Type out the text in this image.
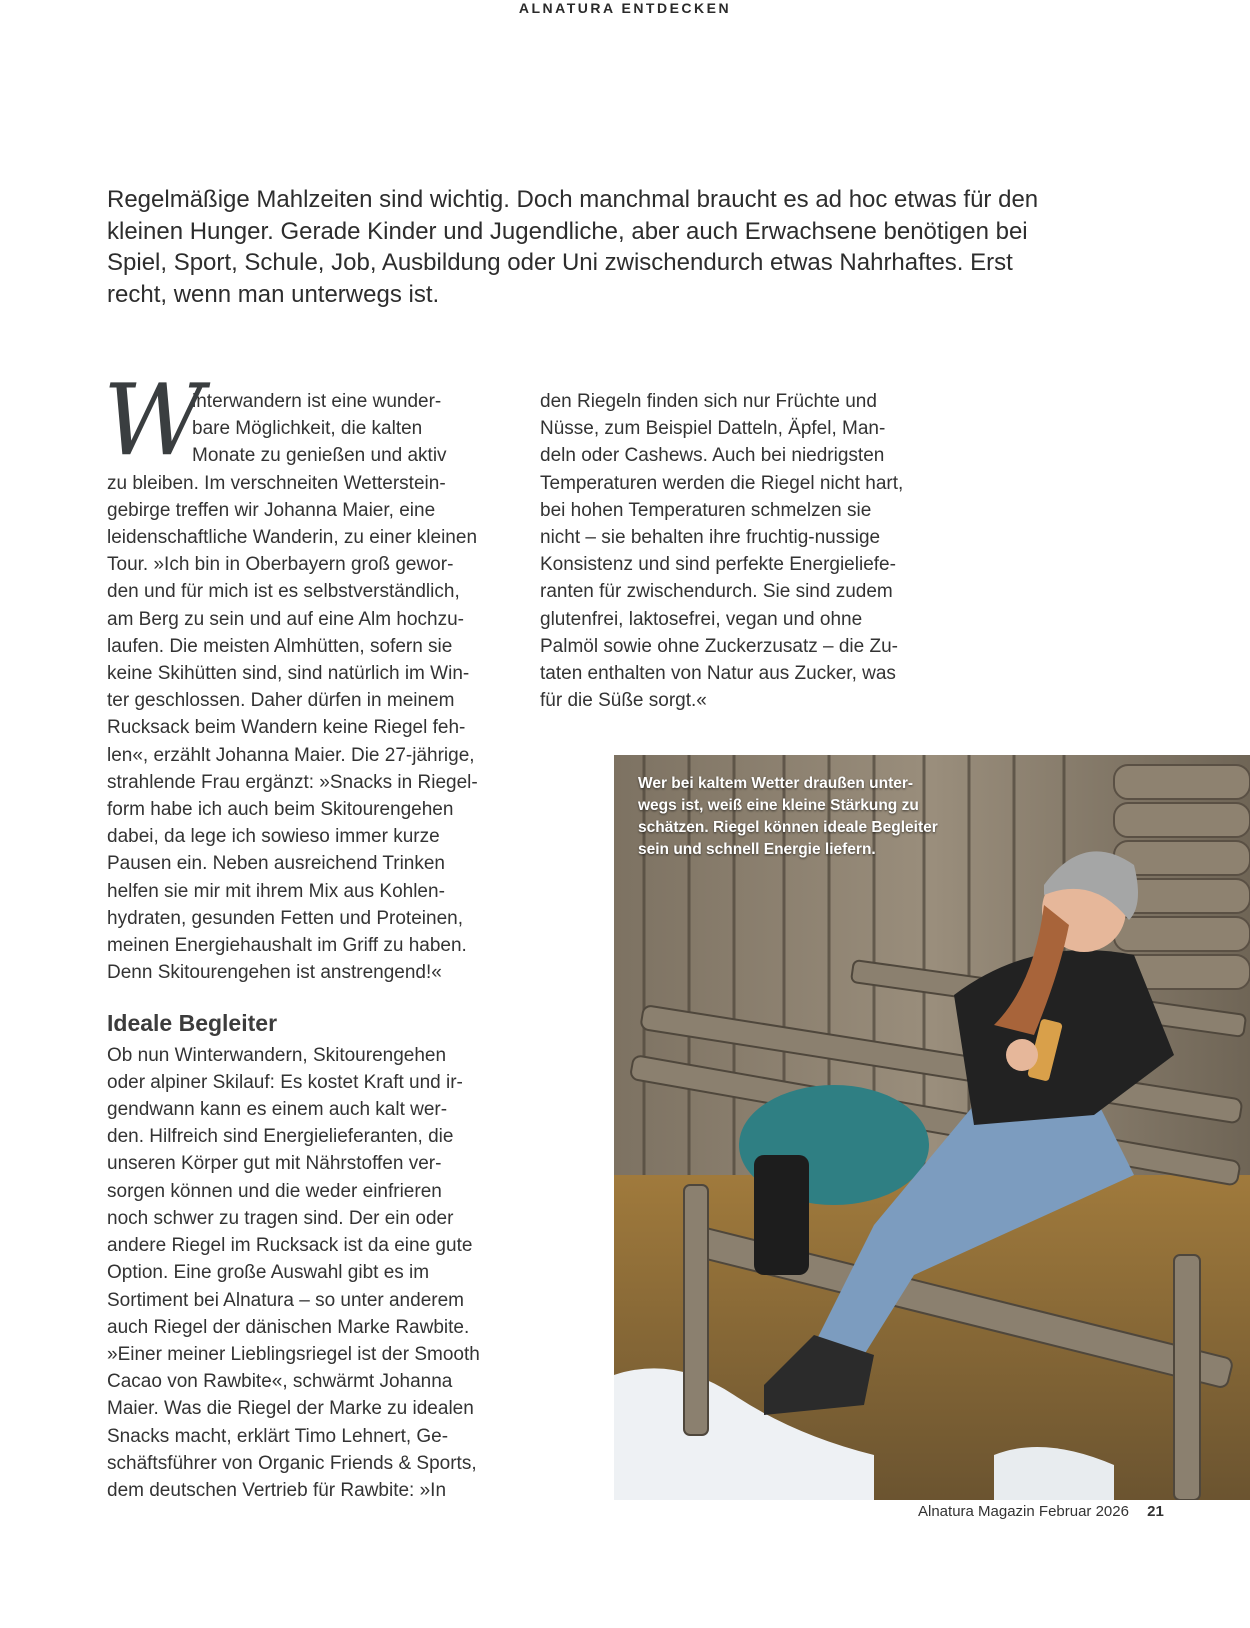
ALNATURA ENTDECKEN

Regelmäßige Mahlzeiten sind wichtig. Doch manchmal braucht es ad hoc etwas für den kleinen Hunger. Gerade Kinder und Jugendliche, aber auch Erwachsene benötigen bei Spiel, Sport, Schule, Job, Ausbildung oder Uni zwischendurch etwas Nahrhaftes. Erst recht, wenn man unterwegs ist.

W
interwandern ist eine wunder-
bare Möglichkeit, die kalten
Monate zu genießen und aktiv

zu bleiben. Im verschneiten Wetterstein-
gebirge treffen wir Johanna Maier, eine
leidenschaftliche Wanderin, zu einer kleinen
Tour. »Ich bin in Oberbayern groß gewor-
den und für mich ist es selbstverständlich,
am Berg zu sein und auf eine Alm hochzu-
laufen. Die meisten Almhütten, sofern sie
keine Skihütten sind, sind natürlich im Win-
ter geschlossen. Daher dürfen in meinem
Rucksack beim Wandern keine Riegel feh-
len«, erzählt Johanna Maier. Die 27-jährige,
strahlende Frau ergänzt: »Snacks in Riegel-
form habe ich auch beim Skitourengehen
dabei, da lege ich sowieso immer kurze
Pausen ein. Neben ausreichend Trinken
helfen sie mir mit ihrem Mix aus Kohlen-
hydraten, gesunden Fetten und Proteinen,
meinen Energiehaushalt im Griff zu haben.
Denn Skitourengehen ist anstrengend!«

Ideale Begleiter

Ob nun Winterwandern, Skitourengehen
oder alpiner Skilauf: Es kostet Kraft und ir-
gendwann kann es einem auch kalt wer-
den. Hilfreich sind Energielieferanten, die
unseren Körper gut mit Nährstoffen ver-
sorgen können und die weder einfrieren
noch schwer zu tragen sind. Der ein oder
andere Riegel im Rucksack ist da eine gute
Option. Eine große Auswahl gibt es im
Sortiment bei Alnatura – so unter anderem
auch Riegel der dänischen Marke Rawbite.
»Einer meiner Lieblingsriegel ist der Smooth
Cacao von Rawbite«, schwärmt Johanna
Maier. Was die Riegel der Marke zu idealen
Snacks macht, erklärt Timo Lehnert, Ge-
schäftsführer von Organic Friends & Sports,
dem deutschen Vertrieb für Rawbite: »In

den Riegeln finden sich nur Früchte und
Nüsse, zum Beispiel Datteln, Äpfel, Man-
deln oder Cashews. Auch bei niedrigsten
Temperaturen werden die Riegel nicht hart,
bei hohen Temperaturen schmelzen sie
nicht – sie behalten ihre fruchtig-nussige
Konsistenz und sind perfekte Energieliefe-
ranten für zwischendurch. Sie sind zudem
glutenfrei, laktosefrei, vegan und ohne
Palmöl sowie ohne Zuckerzusatz – die Zu-
taten enthalten von Natur aus Zucker, was
für die Süße sorgt.«

Wer bei kaltem Wetter draußen unter-
wegs ist, weiß eine kleine Stärkung zu
schätzen. Riegel können ideale Begleiter
sein und schnell Energie liefern.
Alnatura Magazin Februar 2026 21
